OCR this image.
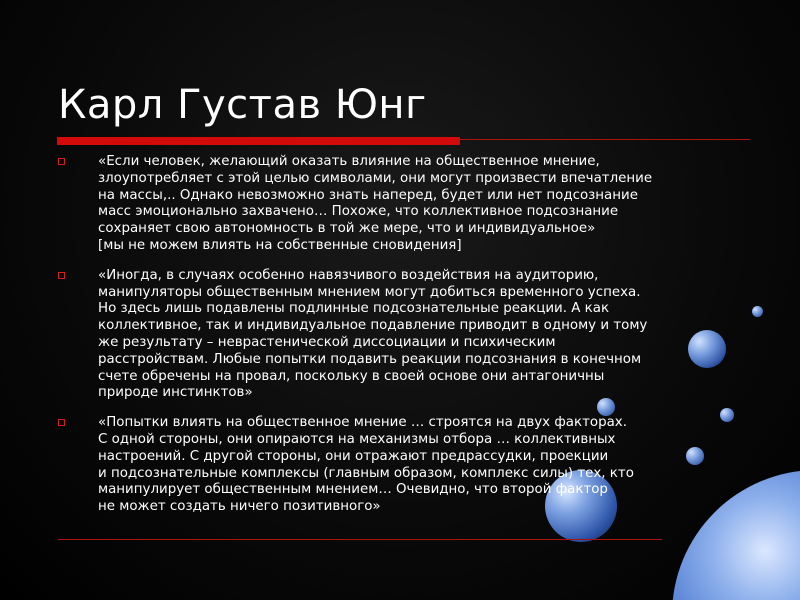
Карл Густав Юнг
«Если человек, желающий оказать влияние на общественное мнение,
злоупотребляет с этой целью символами, они могут произвести впечатление
на массы,.. Однако невозможно знать наперед, будет или нет подсознание
масс эмоционально захвачено… Похоже, что коллективное подсознание
сохраняет свою автономность в той же мере, что и индивидуальное»
[мы не можем влиять на собственные сновидения]
«Иногда, в случаях особенно навязчивого воздействия на аудиторию,
манипуляторы общественным мнением могут добиться временного успеха.
Но здесь лишь подавлены подлинные подсознательные реакции. А как
коллективное, так и индивидуальное подавление приводит в одному и тому
же результату – неврастенической диссоциации и психическим
расстройствам. Любые попытки подавить реакции подсознания в конечном
счете обречены на провал, поскольку в своей основе они антагоничны
природе инстинктов»
«Попытки влиять на общественное мнение … строятся на двух факторах.
С одной стороны, они опираются на механизмы отбора … коллективных
настроений. С другой стороны, они отражают предрассудки, проекции
и подсознательные комплексы (главным образом, комплекс силы) тех, кто
манипулирует общественным мнением… Очевидно, что второй фактор
не может создать ничего позитивного»
